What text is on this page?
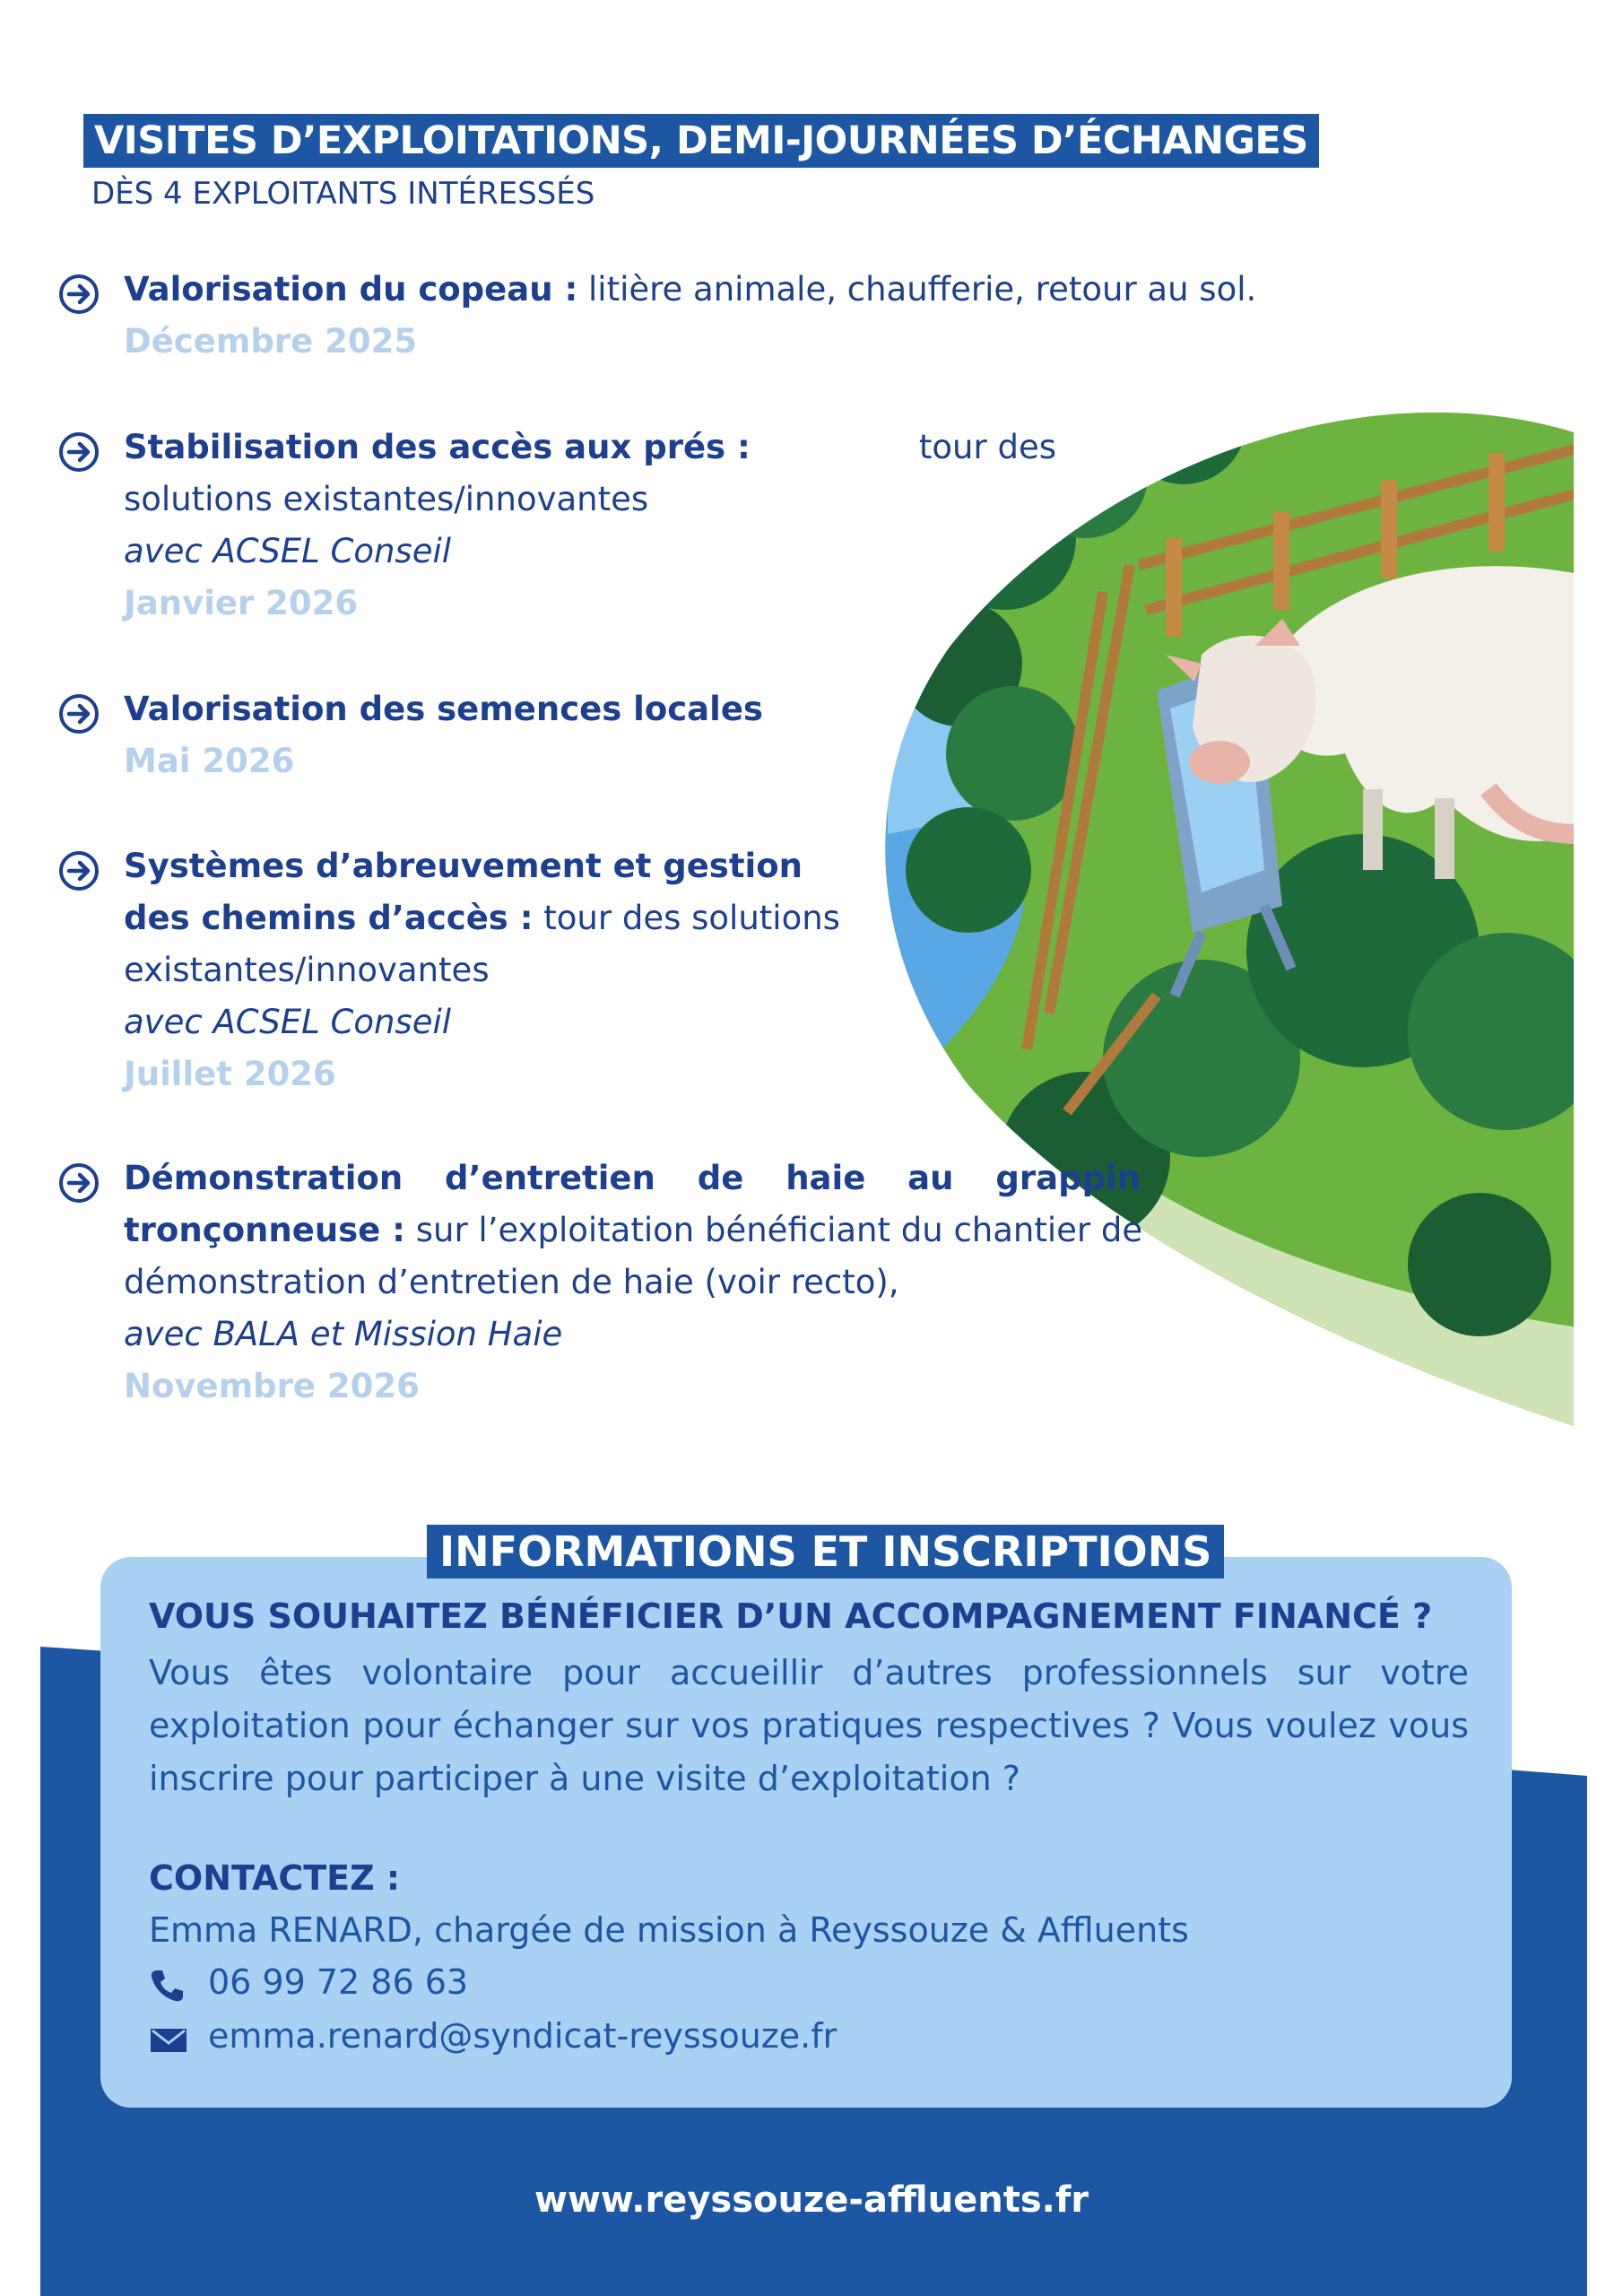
VISITES D’EXPLOITATIONS, DEMI-JOURNÉES D’ÉCHANGES
DÈS 4 EXPLOITANTS INTÉRESSÉS
Valorisation du copeau : litière animale, chaufferie, retour au sol.
Décembre 2025
Stabilisation des accès aux prés :	tour des
solutions existantes/innovantes
avec ACSEL Conseil
Janvier 2026
Valorisation des semences locales
Mai 2026
Systèmes d’abreuvement et gestion
des chemins d’accès : tour des solutions
existantes/innovantes
avec ACSEL Conseil
Juillet 2026
Démonstration d’entretien de haie au grappin
tronçonneuse : sur l’exploitation bénéficiant du chantier de
démonstration d’entretien de haie (voir recto),
avec BALA et Mission Haie
Novembre 2026
INFORMATIONS ET INSCRIPTIONS
VOUS SOUHAITEZ BÉNÉFICIER D’UN ACCOMPAGNEMENT FINANCÉ ?
Vous êtes volontaire pour accueillir d’autres professionnels sur votre exploitation pour échanger sur vos pratiques respectives ? Vous voulez vous inscrire pour participer à une visite d’exploitation ?
CONTACTEZ :
Emma RENARD, chargée de mission à Reyssouze & Affluents
06 99 72 86 63
emma.renard@syndicat-reyssouze.fr
www.reyssouze-affluents.fr
